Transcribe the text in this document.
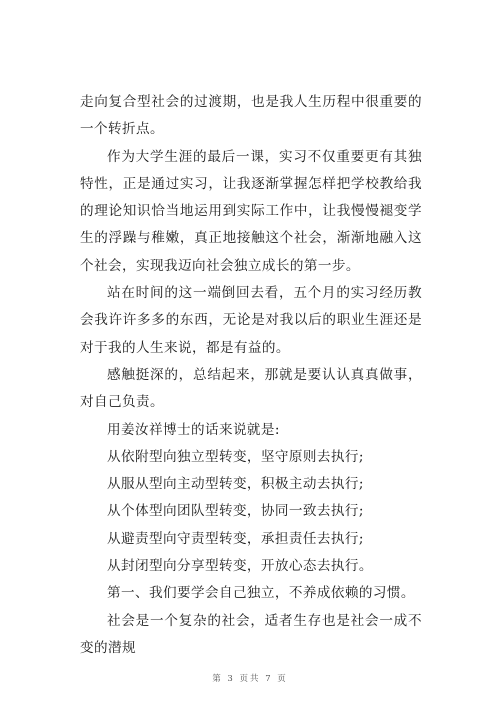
走向复合型社会的过渡期，也是我人生历程中很重要的一个转折点。

作为大学生涯的最后一课，实习不仅重要更有其独特性，正是通过实习，让我逐渐掌握怎样把学校教给我的理论知识恰当地运用到实际工作中，让我慢慢褪变学生的浮躁与稚嫩，真正地接触这个社会，渐渐地融入这个社会，实现我迈向社会独立成长的第一步。

站在时间的这一端倒回去看，五个月的实习经历教会我许许多多的东西，无论是对我以后的职业生涯还是对于我的人生来说，都是有益的。

感触挺深的，总结起来，那就是要认认真真做事，对自己负责。

用姜汝祥博士的话来说就是:

从依附型向独立型转变，坚守原则去执行;

从服从型向主动型转变，积极主动去执行;

从个体型向团队型转变，协同一致去执行;

从避责型向守责型转变，承担责任去执行;

从封闭型向分享型转变，开放心态去执行。

第一、我们要学会自己独立，不养成依赖的习惯。

社会是一个复杂的社会，适者生存也是社会一成不变的潜规

第 3 页共 7 页
